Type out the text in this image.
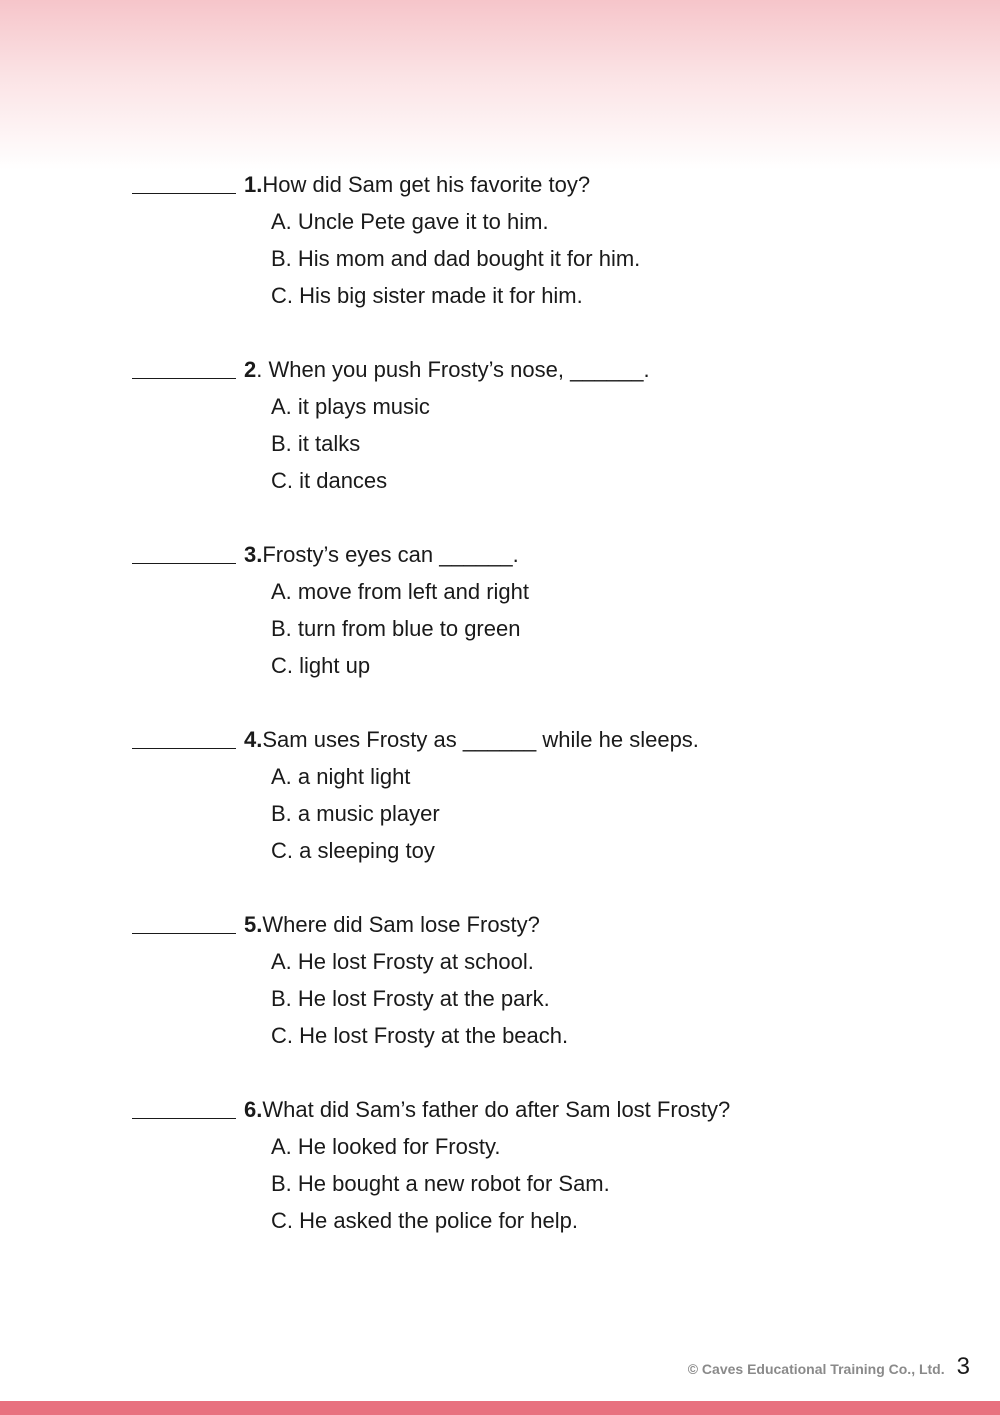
1. How did Sam get his favorite toy?
A. Uncle Pete gave it to him.
B. His mom and dad bought it for him.
C. His big sister made it for him.
2 . When you push Frosty’s nose, ______.
A. it plays music
B. it talks
C. it dances
3. Frosty’s eyes can ______.
A. move from left and right
B. turn from blue to green
C. light up
4. Sam uses Frosty as ______ while he sleeps.
A. a night light
B. a music player
C. a sleeping toy
5. Where did Sam lose Frosty?
A. He lost Frosty at school.
B. He lost Frosty at the park.
C. He lost Frosty at the beach.
6. What did Sam’s father do after Sam lost Frosty?
A. He looked for Frosty.
B. He bought a new robot for Sam.
C. He asked the police for help.
© Caves Educational Training Co., Ltd. 3
